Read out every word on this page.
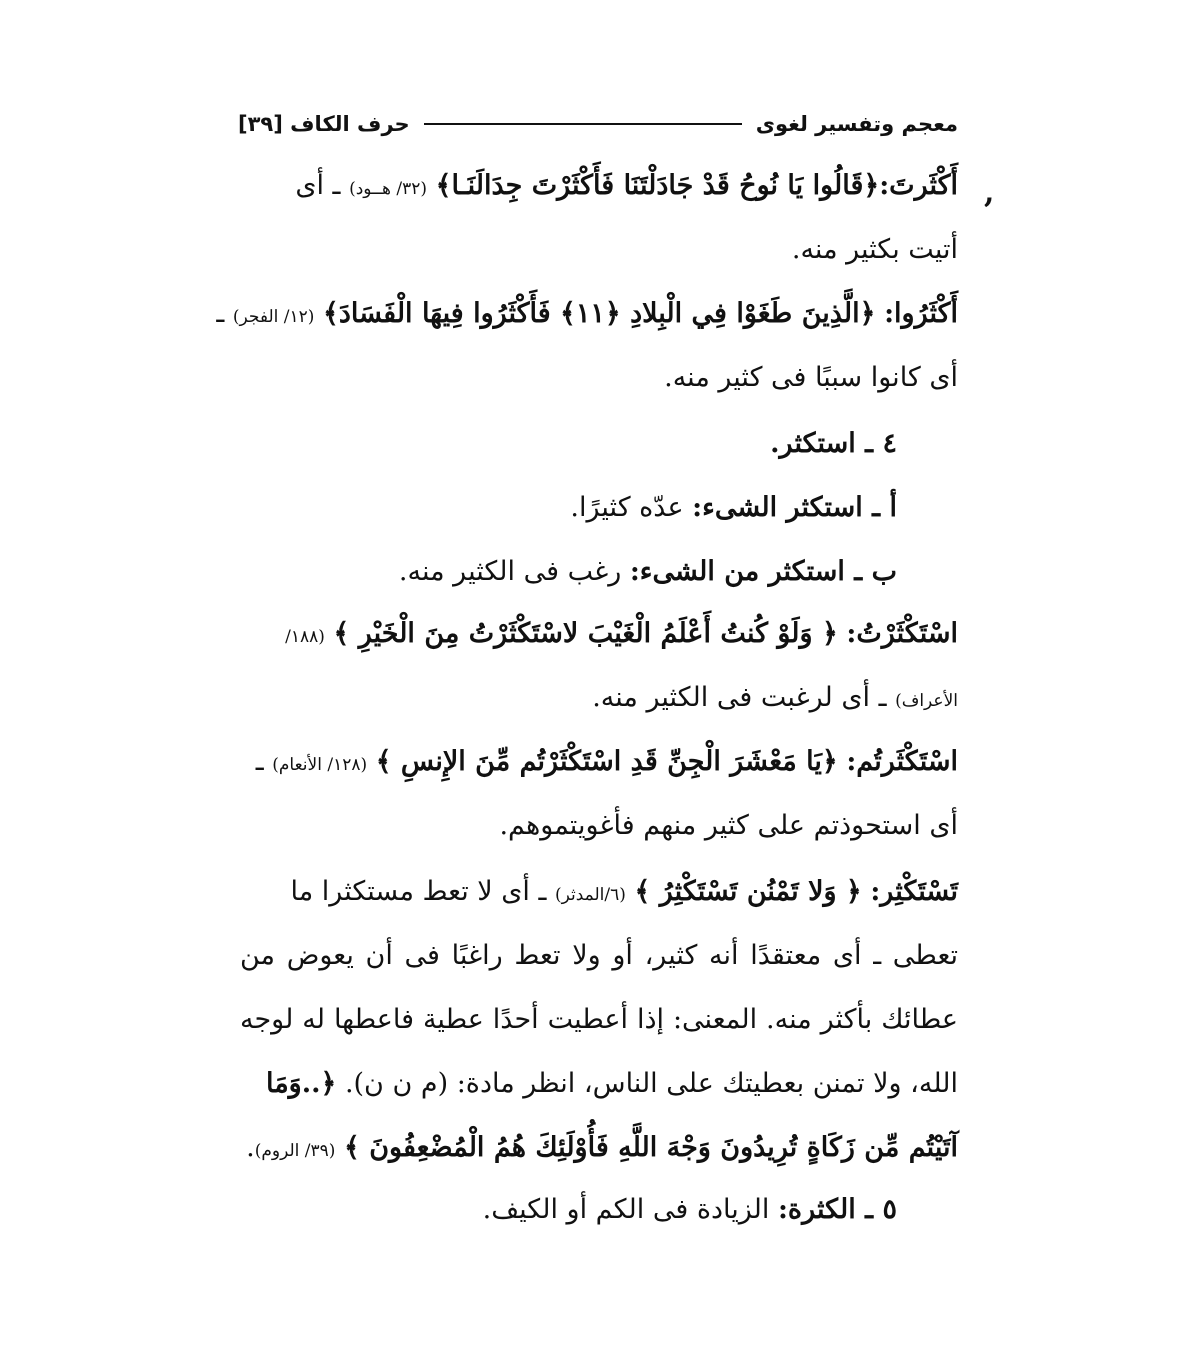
معجم وتفسير لغوى
حرف الكاف [٣٩]
,
أَكْثَرتَ:﴿قَالُوا يَا نُوحُ قَدْ جَادَلْتَنَا فَأَكْثَرْتَ جِدَالَنَـا﴾ (٣٢/ هــود) ـ أى
أتيت بكثير منه.
أَكْثَرُوا: ﴿الَّذِينَ طَغَوْا فِي الْبِلادِ ﴿١١﴾ فَأَكْثَرُوا فِيهَا الْفَسَادَ﴾ (١٢/ الفجر) ـ
أى كانوا سببًا فى كثير منه.
٤ ـ استكثر.
أ ـ استكثر الشىء: عدّه كثيرًا.
ب ـ استكثر من الشىء: رغب فى الكثير منه.
اسْتَكْثَرْتُ: ﴿ وَلَوْ كُنتُ أَعْلَمُ الْغَيْبَ لاسْتَكْثَرْتُ مِنَ الْخَيْرِ ﴾ (١٨٨/
الأعراف) ـ أى لرغبت فى الكثير منه.
اسْتَكْثَرتُم: ﴿يَا مَعْشَرَ الْجِنِّ قَدِ اسْتَكْثَرْتُم مِّنَ الإِنسِ ﴾ (١٢٨/ الأنعام) ـ
أى استحوذتم على كثير منهم فأغويتموهم.
تَسْتَكْثِر: ﴿ وَلا تَمْنُن تَسْتَكْثِرُ ﴾ (٦/المدثر) ـ أى لا تعط مستكثرا ما
تعطى ـ أى معتقدًا أنه كثير، أو ولا تعط راغبًا فى أن يعوض من
عطائك بأكثر منه. المعنى: إذا أعطيت أحدًا عطية فاعطها له لوجه
الله، ولا تمنن بعطيتك على الناس، انظر مادة: (م ن ن). ﴿..وَمَا
آتَيْتُم مِّن زَكَاةٍ تُرِيدُونَ وَجْهَ اللَّهِ فَأُوْلَئِكَ هُمُ الْمُضْعِفُونَ ﴾ (٣٩/ الروم).
٥ ـ الكثرة: الزيادة فى الكم أو الكيف.
